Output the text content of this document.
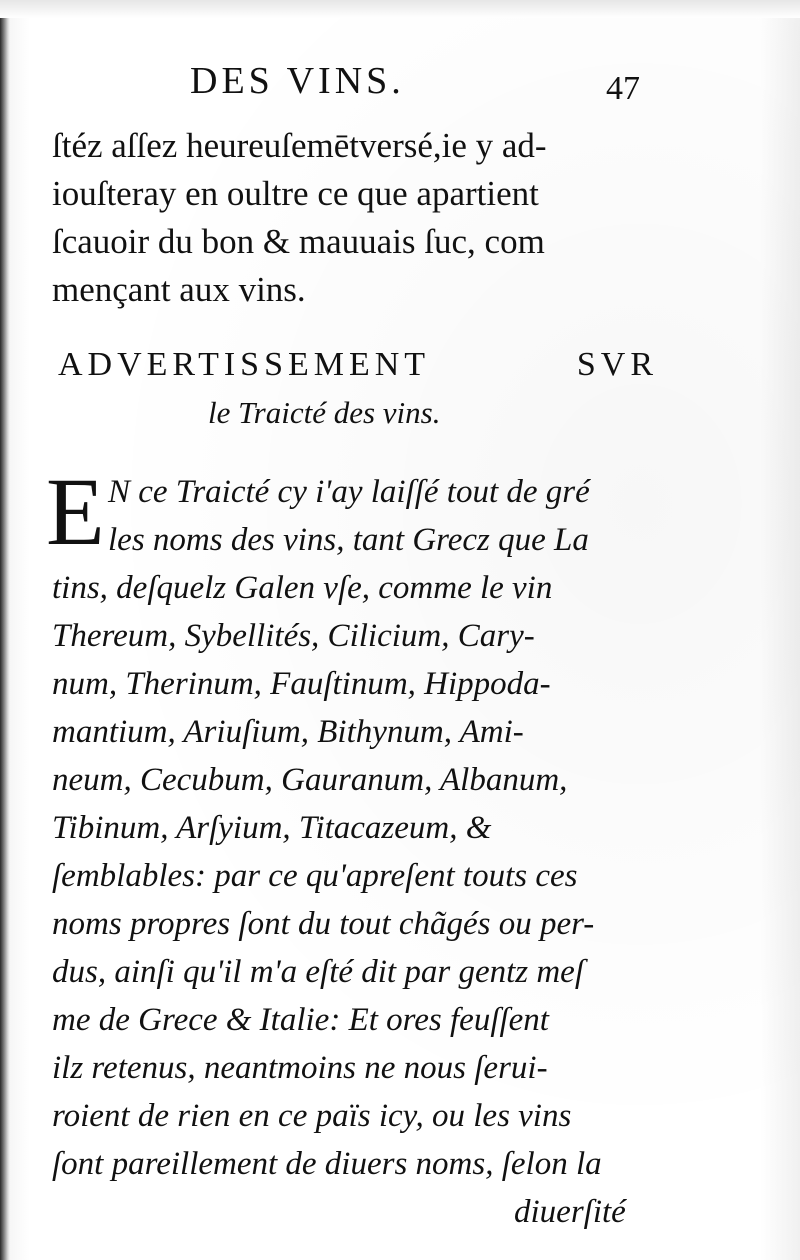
DES VINS.	47
ſtéz aſſez heureuſemētversé,ie y ad-
iouſteray en oultre ce que apartient
ſcauoir du bon & mauuais ſuc, com
mençant aux vins.
ADVERTISSEMENT	SVR
le Traicté des vins.
E N ce Traicté cy i'ay laiſſé tout de gré
les noms des vins, tant Grecz que La
tins, deſquelz Galen vſe, comme le vin
Thereum, Sybellités, Cilicium, Cary-
num, Therinum, Fauſtinum, Hippoda-
mantium, Ariuſium, Bithynum, Ami-
neum, Cecubum, Gauranum, Albanum,
Tibinum, Arſyium, Titacazeum, &
ſemblables: par ce qu'apreſent touts ces
noms propres ſont du tout chãgés ou per-
dus, ainſi qu'il m'a eſté dit par gentz meſ
me de Grece & Italie: Et ores feuſſent
ilz retenus, neantmoins ne nous ſerui-
roient de rien en ce païs icy, ou les vins
ſont pareillement de diuers noms, ſelon la
diuerſité
